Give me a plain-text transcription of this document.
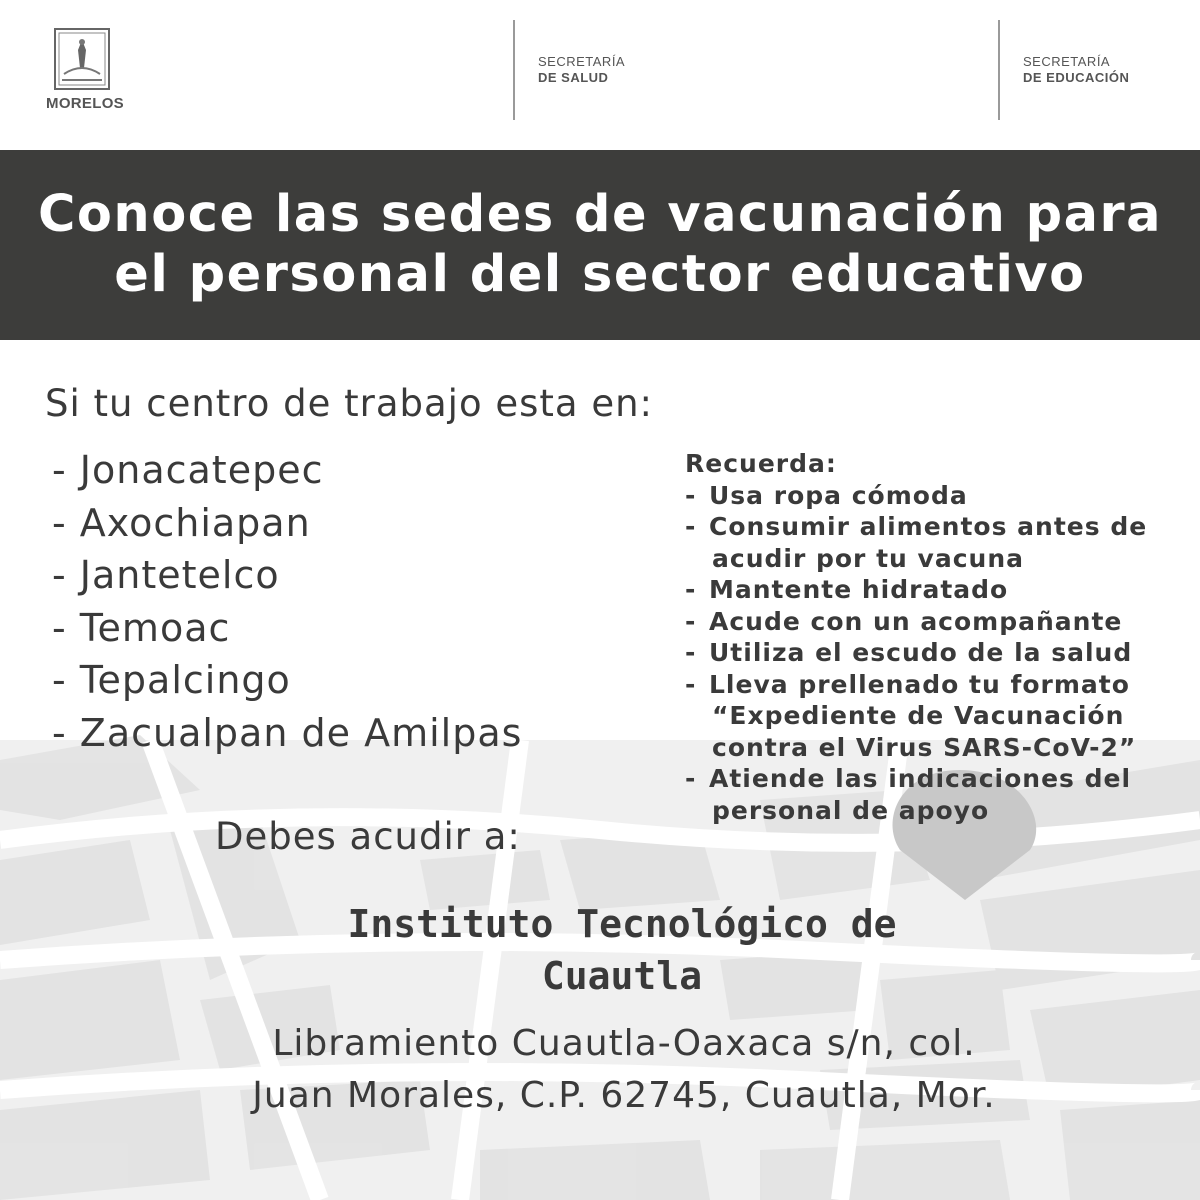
MORELOS
SECRETARÍA
DE SALUD
SECRETARÍA
DE EDUCACIÓN
Conoce las sedes de vacunación para
el personal del sector educativo
Si tu centro de trabajo esta en:
- Jonacatepec
- Axochiapan
- Jantetelco
- Temoac
- Tepalcingo
- Zacualpan de Amilpas
Recuerda:
- Usa ropa cómoda
- Consumir alimentos antes de
acudir por tu vacuna
- Mantente hidratado
- Acude con un acompañante
- Utiliza el escudo de la salud
- Lleva prellenado tu formato
“Expediente de Vacunación
contra el Virus SARS-CoV-2”
- Atiende las indicaciones del
personal de apoyo
Debes acudir a:
Instituto Tecnológico de
Cuautla
Libramiento Cuautla-Oaxaca s/n, col.
Juan Morales, C.P. 62745, Cuautla, Mor.
